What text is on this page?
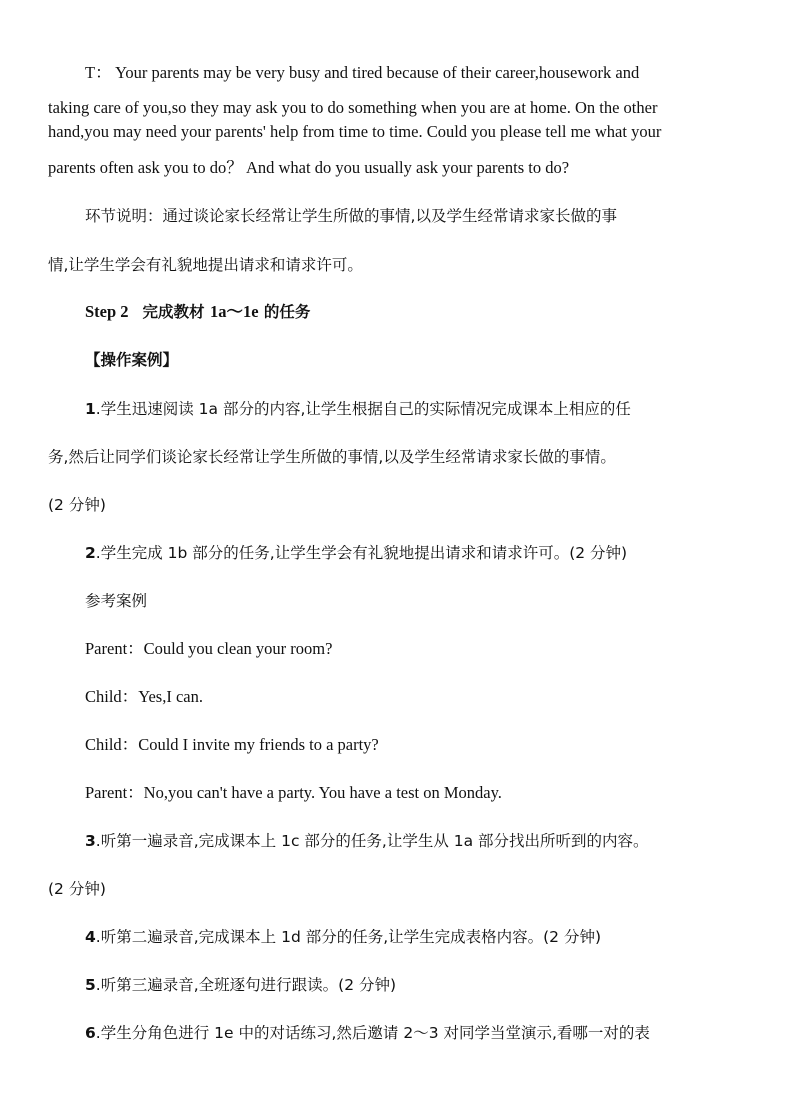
T： Your parents may be very busy and tired because of their career,housework and
taking care of you,so they may ask you to do something when you are at home. On the other
hand,you may need your parents' help from time to time. Could you please tell me what your
parents often ask you to do？ And what do you usually ask your parents to do?
环节说明：通过谈论家长经常让学生所做的事情,以及学生经常请求家长做的事
情,让学生学会有礼貌地提出请求和请求许可。
Step 2 完成教材 1a～1e 的任务
【操作案例】
1.学生迅速阅读 1a 部分的内容,让学生根据自己的实际情况完成课本上相应的任
务,然后让同学们谈论家长经常让学生所做的事情,以及学生经常请求家长做的事情。
(2 分钟)
2.学生完成 1b 部分的任务,让学生学会有礼貌地提出请求和请求许可。(2 分钟)
参考案例
Parent：Could you clean your room?
Child：Yes,I can.
Child：Could I invite my friends to a party?
Parent：No,you can't have a party. You have a test on Monday.
3.听第一遍录音,完成课本上 1c 部分的任务,让学生从 1a 部分找出所听到的内容。
(2 分钟)
4.听第二遍录音,完成课本上 1d 部分的任务,让学生完成表格内容。(2 分钟)
5.听第三遍录音,全班逐句进行跟读。(2 分钟)
6.学生分角色进行 1e 中的对话练习,然后邀请 2～3 对同学当堂演示,看哪一对的表
